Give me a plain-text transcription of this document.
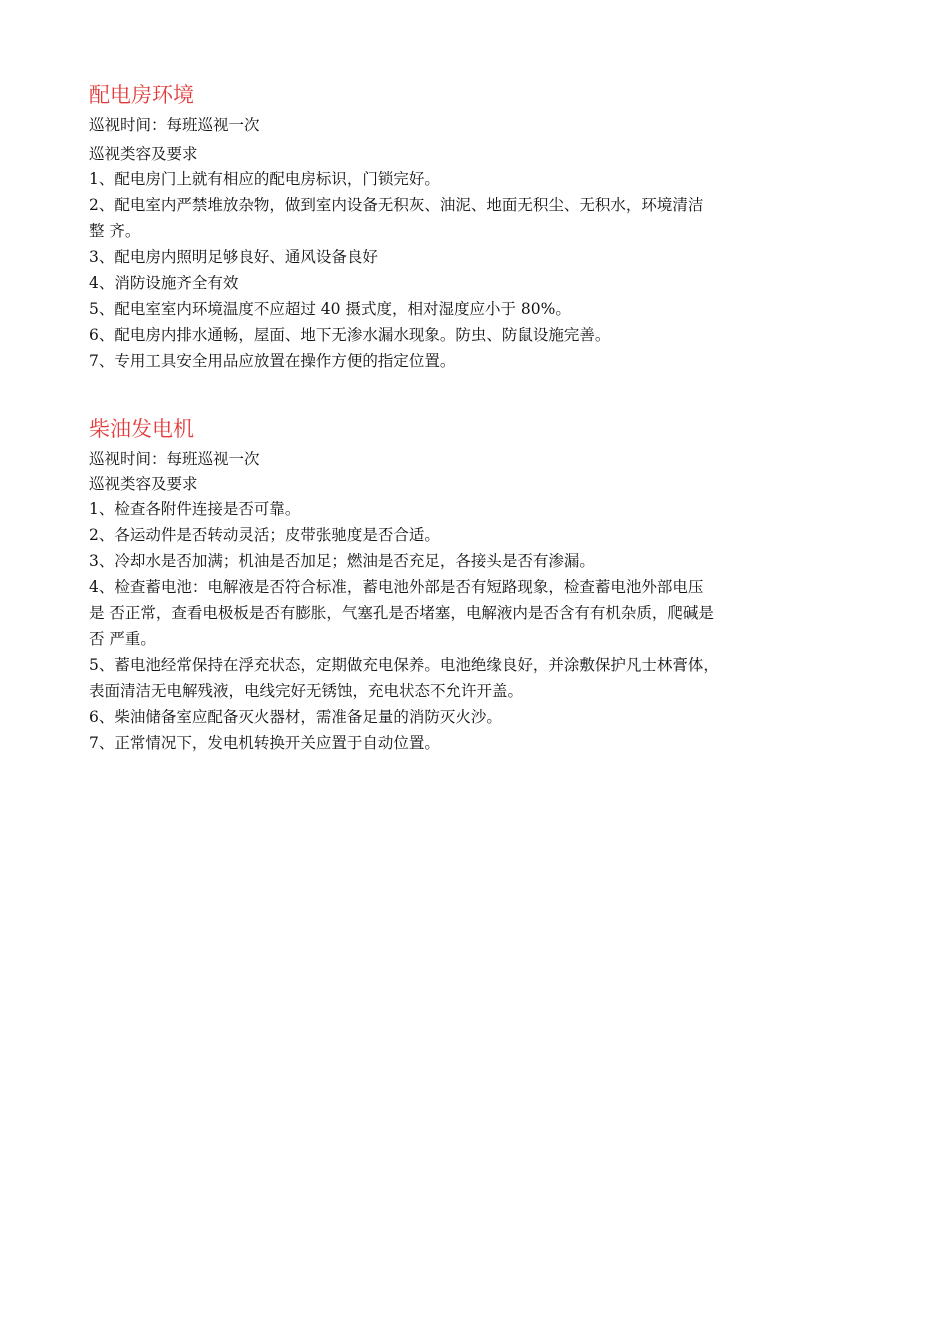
配电房环境

巡视时间：每班巡视一次

巡视类容及要求

1、配电房门上就有相应的配电房标识，门锁完好。

2、配电室内严禁堆放杂物，做到室内设备无积灰、油泥、地面无积尘、无积水，环境清洁

整 齐。

3、配电房内照明足够良好、通风设备良好

4、消防设施齐全有效

5、配电室室内环境温度不应超过 40 摄式度，相对湿度应小于 80%。

6、配电房内排水通畅，屋面、地下无渗水漏水现象。防虫、防鼠设施完善。

7、专用工具安全用品应放置在操作方便的指定位置。

柴油发电机

巡视时间：每班巡视一次

巡视类容及要求

1、检查各附件连接是否可靠。

2、各运动件是否转动灵活；皮带张驰度是否合适。

3、冷却水是否加满；机油是否加足；燃油是否充足，各接头是否有渗漏。

4、检查蓄电池：电解液是否符合标准，蓄电池外部是否有短路现象，检查蓄电池外部电压

是 否正常，查看电极板是否有膨胀，气塞孔是否堵塞，电解液内是否含有有机杂质，爬碱是

否 严重。

5、蓄电池经常保持在浮充状态，定期做充电保养。电池绝缘良好，并涂敷保护凡士林膏体，

表面清洁无电解残液，电线完好无锈蚀，充电状态不允许开盖。

6、柴油储备室应配备灭火器材，需准备足量的消防灭火沙。

7、正常情况下，发电机转换开关应置于自动位置。
